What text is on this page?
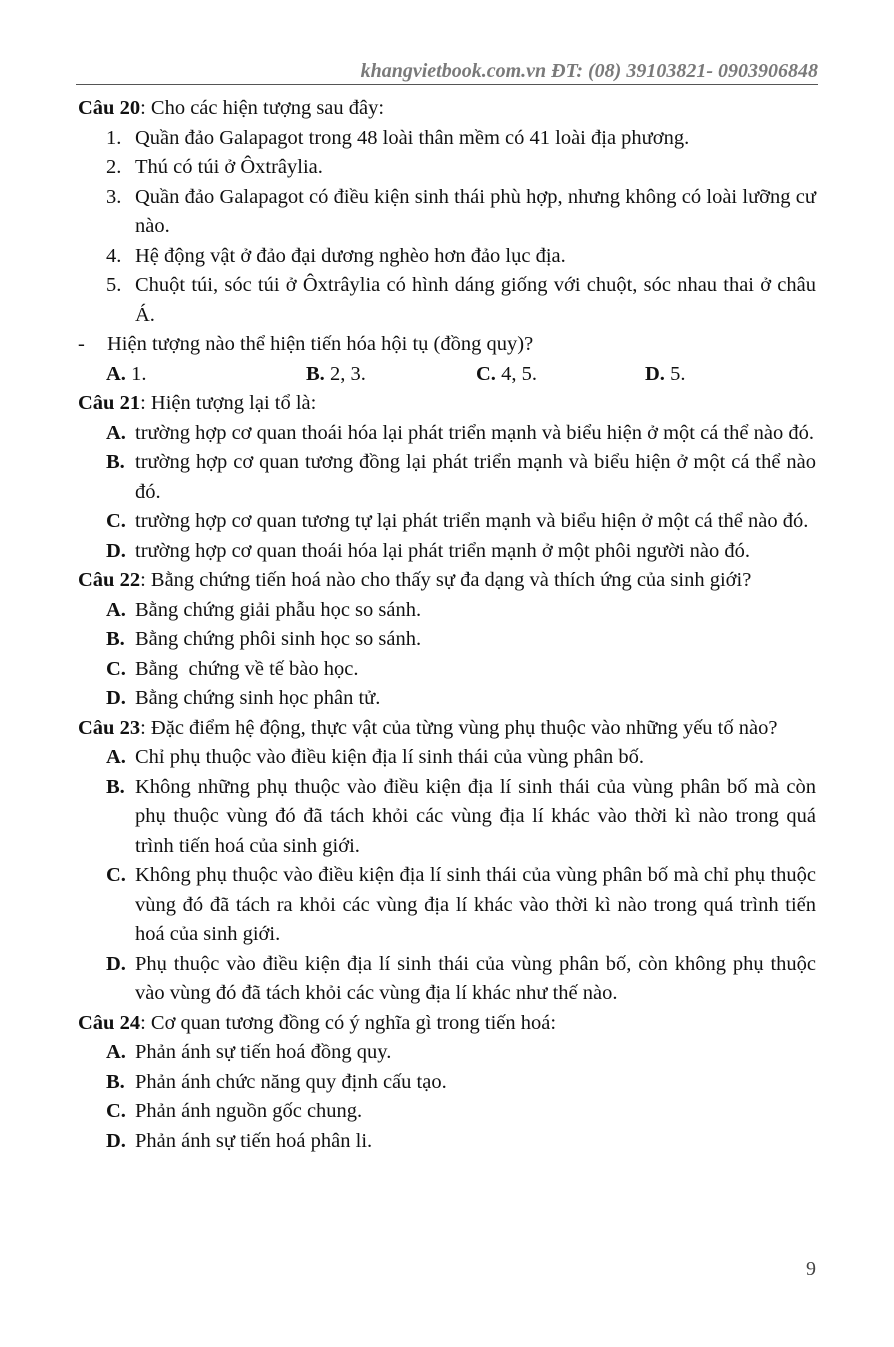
khangvietbook.com.vn ĐT: (08) 39103821- 0903906848
Câu 20: Cho các hiện tượng sau đây:
1. Quần đảo Galapagot trong 48 loài thân mềm có 41 loài địa phương.
2. Thú có túi ở Ôxtrâylia.
3. Quần đảo Galapagot có điều kiện sinh thái phù hợp, nhưng không có loài lưỡng cư nào.
4. Hệ động vật ở đảo đại dương nghèo hơn đảo lục địa.
5. Chuột túi, sóc túi ở Ôxtrâylia có hình dáng giống với chuột, sóc nhau thai ở châu Á.
- Hiện tượng nào thể hiện tiến hóa hội tụ (đồng quy)?
A. 1.	B. 2, 3.	C. 4, 5.	D. 5.
Câu 21: Hiện tượng lại tổ là:
A. trường hợp cơ quan thoái hóa lại phát triển mạnh và biểu hiện ở một cá thể nào đó.
B. trường hợp cơ quan tương đồng lại phát triển mạnh và biểu hiện ở một cá thể nào đó.
C. trường hợp cơ quan tương tự lại phát triển mạnh và biểu hiện ở một cá thể nào đó.
D. trường hợp cơ quan thoái hóa lại phát triển mạnh ở một phôi người nào đó.
Câu 22: Bằng chứng tiến hoá nào cho thấy sự đa dạng và thích ứng của sinh giới?
A. Bằng chứng giải phẫu học so sánh.
B. Bằng chứng phôi sinh học so sánh.
C. Bằng  chứng về tế bào học.
D. Bằng chứng sinh học phân tử.
Câu 23: Đặc điểm hệ động, thực vật của từng vùng phụ thuộc vào những yếu tố nào?
A. Chỉ phụ thuộc vào điều kiện địa lí sinh thái của vùng phân bố.
B. Không những phụ thuộc vào điều kiện địa lí sinh thái của vùng phân bố mà còn phụ thuộc vùng đó đã tách khỏi các vùng địa lí khác vào thời kì nào trong quá trình tiến hoá của sinh giới.
C. Không phụ thuộc vào điều kiện địa lí sinh thái của vùng phân bố mà chỉ phụ thuộc vùng đó đã tách ra khỏi các vùng địa lí khác vào thời kì nào trong quá trình tiến hoá của sinh giới.
D. Phụ thuộc vào điều kiện địa lí sinh thái của vùng phân bố, còn không phụ thuộc vào vùng đó đã tách khỏi các vùng địa lí khác như thế nào.
Câu 24: Cơ quan tương đồng có ý nghĩa gì trong tiến hoá:
A. Phản ánh sự tiến hoá đồng quy.
B. Phản ánh chức năng quy định cấu tạo.
C. Phản ánh nguồn gốc chung.
D. Phản ánh sự tiến hoá phân li.
9
